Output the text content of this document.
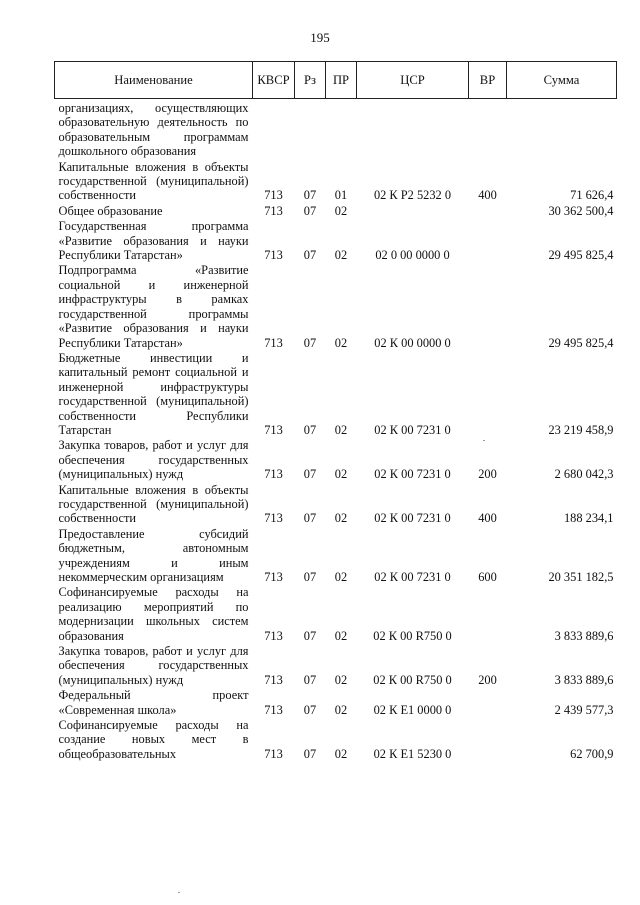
195
Наименование	КВСР	Рз	ПР	ЦСР	ВР	Сумма
организациях, осуществляющих образовательную деятельность по образовательным программам дошкольного образования						
Капитальные вложения в объекты государственной (муниципальной) собственности	713	07	01	02 К Р2 5232 0	400	71 626,4
Общее образование	713	07	02			30 362 500,4
Государственная программа «Развитие образования и науки Республики Татарстан»	713	07	02	02 0 00 0000 0		29 495 825,4
Подпрограмма «Развитие социальной и инженерной инфраструктуры в рамках государственной программы «Развитие образования и науки Республики Татарстан»	713	07	02	02 К 00 0000 0		29 495 825,4
Бюджетные инвестиции и капитальный ремонт социальной и инженерной инфраструктуры государственной (муниципальной) собственности Республики Татарстан	713	07	02	02 К 00 7231 0		23 219 458,9
Закупка товаров, работ и услуг для обеспечения государственных (муниципальных) нужд	713	07	02	02 К 00 7231 0	200	2 680 042,3
Капитальные вложения в объекты государственной (муниципальной) собственности	713	07	02	02 К 00 7231 0	400	188 234,1
Предоставление субсидий бюджетным, автономным учреждениям и иным некоммерческим организациям	713	07	02	02 К 00 7231 0	600	20 351 182,5
Софинансируемые расходы на реализацию мероприятий по модернизации школьных систем образования	713	07	02	02 К 00 R750 0		3 833 889,6
Закупка товаров, работ и услуг для обеспечения государственных (муниципальных) нужд	713	07	02	02 К 00 R750 0	200	3 833 889,6
Федеральный проект «Современная школа»	713	07	02	02 К Е1 0000 0		2 439 577,3
Софинансируемые расходы на создание новых мест в общеобразовательных	713	07	02	02 К Е1 5230 0		62 700,9
